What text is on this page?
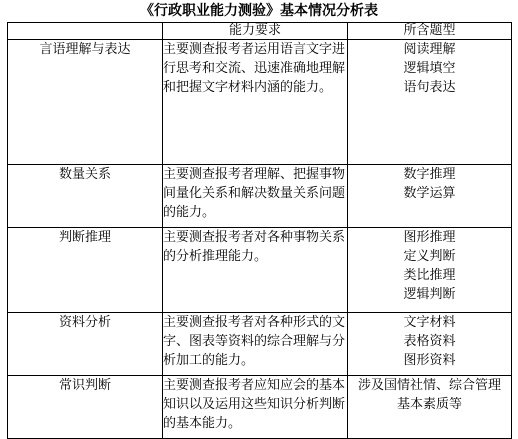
《行政职业能力测验》基本情况分析表
	能力要求	所含题型
言语理解与表达	主要测查报考者运用语言文字进行思考和交流、迅速准确地理解和把握文字材料内涵的能力。	阅读理解
逻辑填空
语句表达

数量关系	主要测查报考者理解、把握事物间量化关系和解决数量关系问题的能力。	数字推理
数学运算

判断推理	主要测查报考者对各种事物关系的分析推理能力。	图形推理
定义判断
类比推理
逻辑判断

资料分析	主要测查报考者对各种形式的文字、图表等资料的综合理解与分析加工的能力。	文字材料
表格资料
图形资料

常识判断	主要测查报考者应知应会的基本知识以及运用这些知识分析判断的基本能力。	涉及国情社情、综合管理
基本素质等
